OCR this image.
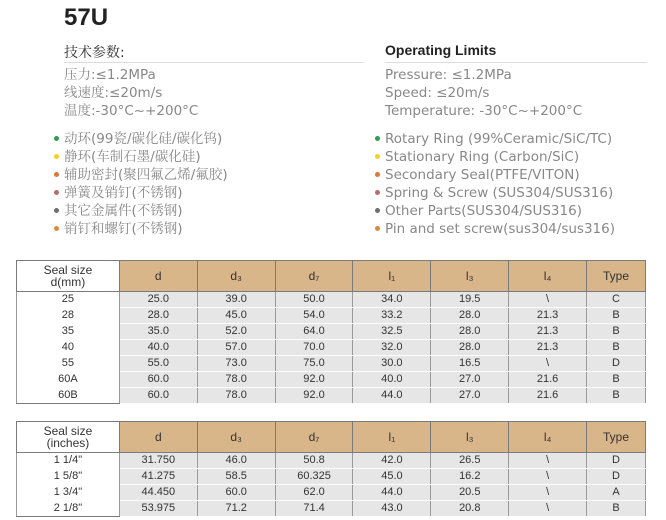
57U
技术参数:
压力:≤1.2MPa
线速度:≤20m/s
温度:-30°C~+200°C
动环(99瓷/碳化硅/碳化钨)
静环(车制石墨/碳化硅)
辅助密封(聚四氟乙烯/氟胶)
弹簧及销钉(不锈钢)
其它金属件(不锈钢)
销钉和螺钉(不锈钢)
Operating Limits
Pressure: ≤1.2MPa
Speed: ≤20m/s
Temperature: -30°C~+200°C
Rotary Ring (99%Ceramic/SiC/TC)
Stationary Ring (Carbon/SiC)
Secondary Seal(PTFE/VITON)
Spring & Screw (SUS304/SUS316)
Other Parts(SUS304/SUS316)
Pin and set screw(sus304/sus316)
Seal size
d(mm)	d	d₃	d₇	l₁	l₃	l₄	Type
25	25.0	39.0	50.0	34.0	19.5	\	C
28	28.0	45.0	54.0	33.2	28.0	21.3	B
35	35.0	52.0	64.0	32.5	28.0	21.3	B
40	40.0	57.0	70.0	32.0	28.0	21.3	B
55	55.0	73.0	75.0	30.0	16.5	\	D
60A	60.0	78.0	92.0	40.0	27.0	21.6	B
60B	60.0	78.0	92.0	44.0	27.0	21.6	B
Seal size
(inches)	d	d₃	d₇	l₁	l₃	l₄	Type
1 1/4"	31.750	46.0	50.8	42.0	26.5	\	D
1 5/8"	41.275	58.5	60.325	45.0	16.2	\	D
1 3/4"	44.450	60.0	62.0	44.0	20.5	\	A
2 1/8"	53.975	71.2	71.4	43.0	20.8	\	B
